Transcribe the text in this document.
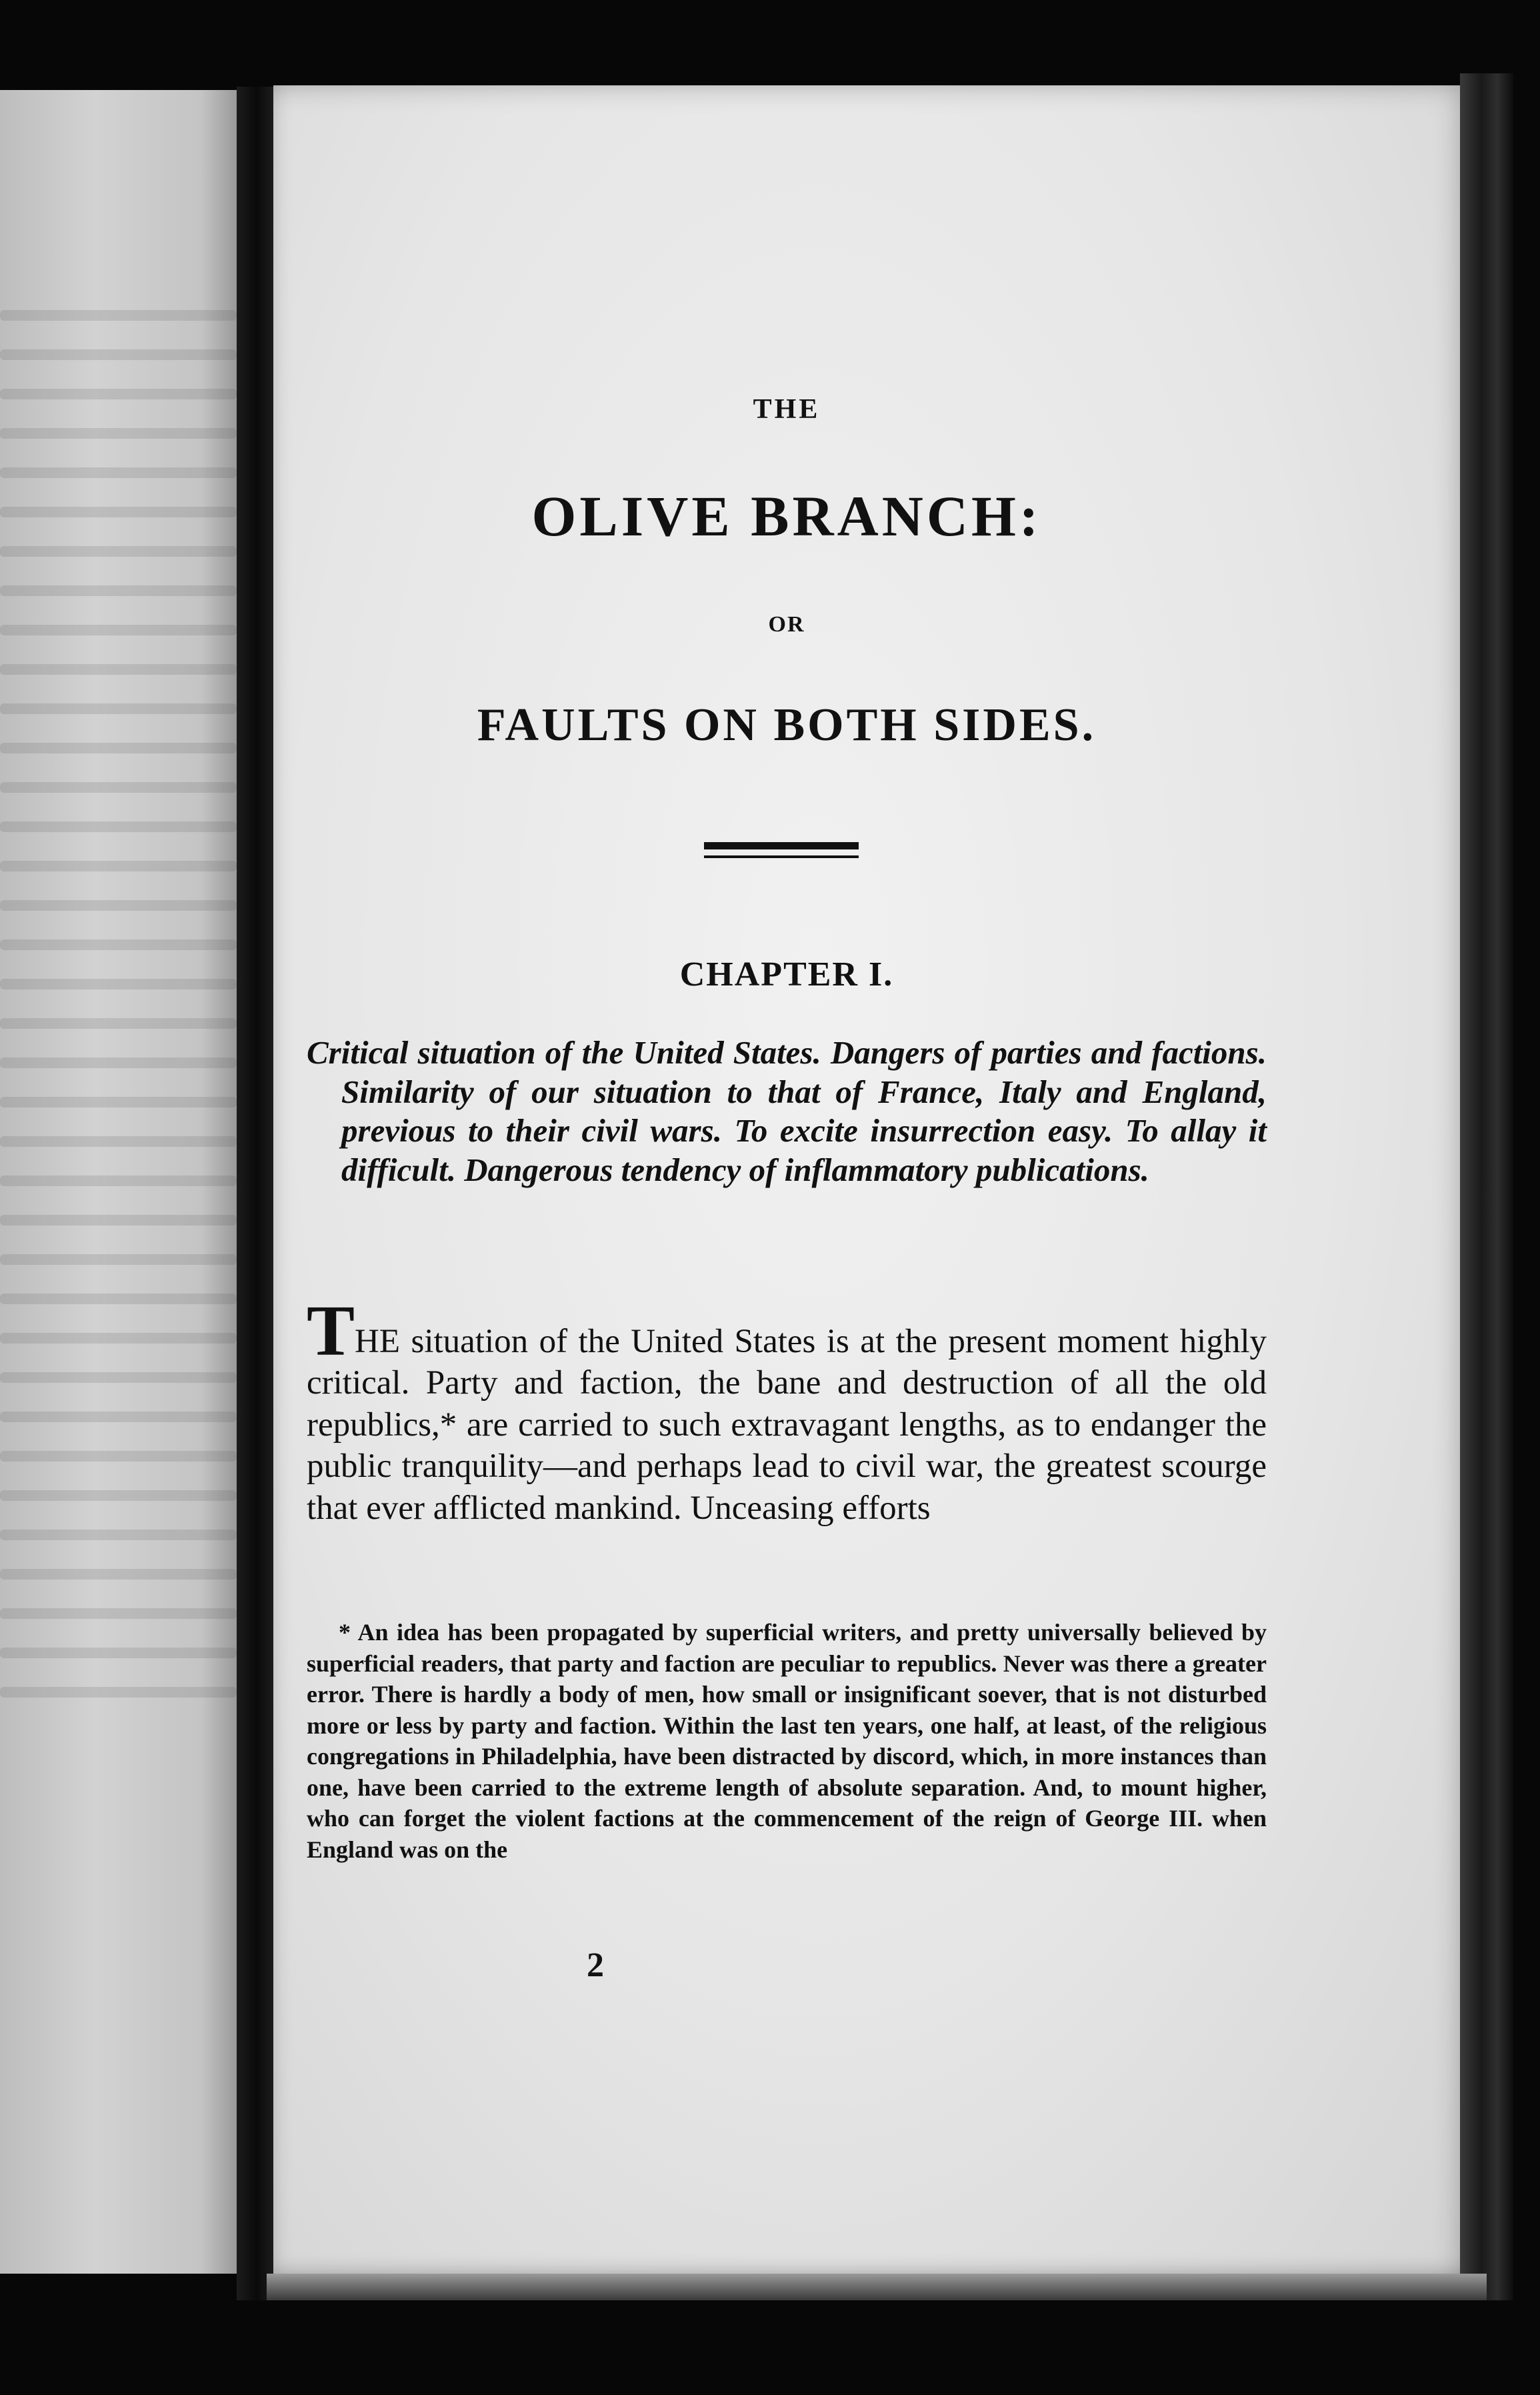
THE
OLIVE BRANCH:
OR
FAULTS ON BOTH SIDES.
CHAPTER I.
Critical situation of the United States. Dangers of parties and factions. Similarity of our situation to that of France, Italy and England, previous to their civil wars. To excite insurrection easy. To allay it difficult. Dangerous tendency of inflammatory publications.
THE situation of the United States is at the present moment highly critical. Party and faction, the bane and destruction of all the old republics,* are carried to such extravagant lengths, as to endanger the public tranquility—and perhaps lead to civil war, the greatest scourge that ever afflicted mankind. Unceasing efforts
* An idea has been propagated by superficial writers, and pretty universally believed by superficial readers, that party and faction are peculiar to republics. Never was there a greater error. There is hardly a body of men, how small or insignificant soever, that is not disturbed more or less by party and faction. Within the last ten years, one half, at least, of the religious congregations in Philadelphia, have been distracted by discord, which, in more instances than one, have been carried to the extreme length of absolute separation. And, to mount higher, who can forget the violent factions at the commencement of the reign of George III. when England was on the
2
